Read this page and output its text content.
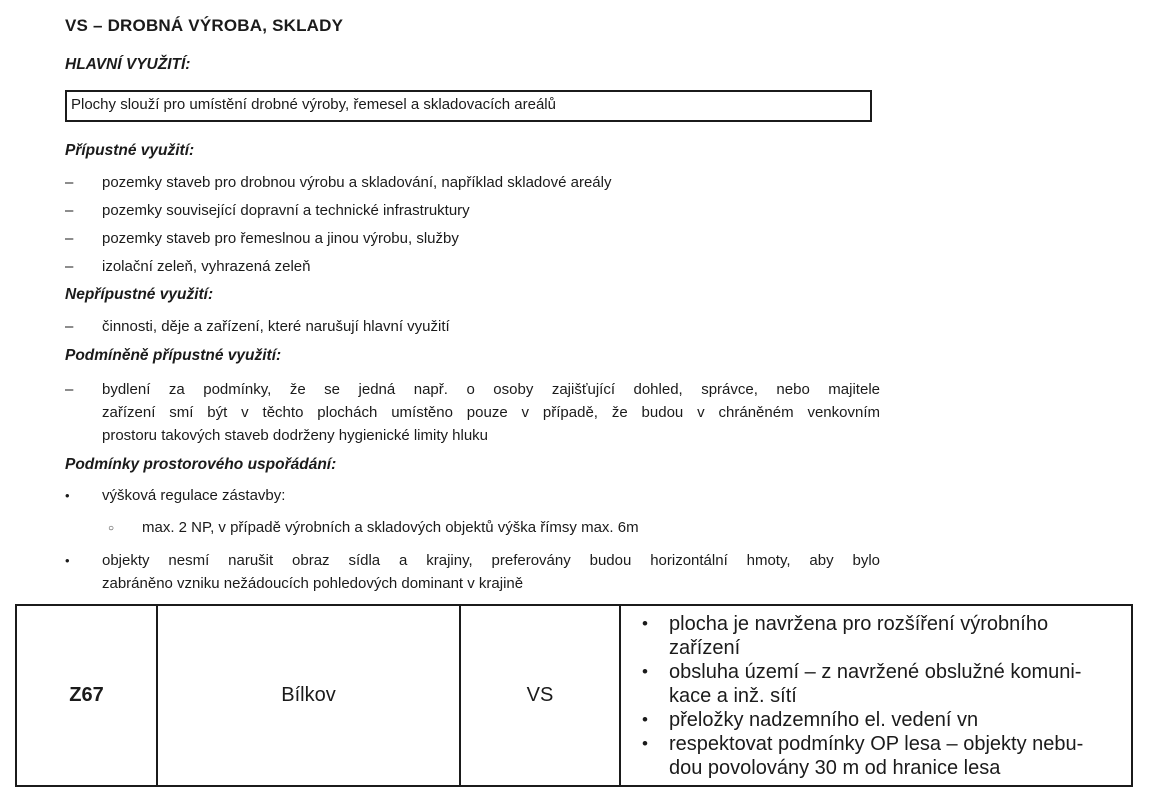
VS – DROBNÁ VÝROBA, SKLADY
HLAVNÍ VYUŽITÍ:
Plochy slouží pro umístění drobné výroby, řemesel a skladovacích areálů
Přípustné využití:
–	pozemky staveb pro drobnou výrobu a skladování, například skladové areály
–	pozemky související dopravní a technické infrastruktury
–	pozemky staveb pro řemeslnou a jinou výrobu, služby
–	izolační zeleň, vyhrazená zeleň
Nepřípustné využití:
–	činnosti, děje a zařízení, které narušují hlavní využití
Podmíněně přípustné využití:
–	bydlení za podmínky, že se jedná např. o osoby zajišťující dohled, správce, nebo majitele
zařízení smí být v těchto plochách umístěno pouze v případě, že budou v chráněném venkovním
prostoru takových staveb dodrženy hygienické limity hluku
Podmínky prostorového uspořádání:
•	výšková regulace zástavby:
○	max. 2 NP, v případě výrobních a skladových objektů výška římsy max. 6m
•	objekty nesmí narušit obraz sídla a krajiny, preferovány budou horizontální hmoty, aby bylo
zabráněno vzniku nežádoucích pohledových dominant v krajině
Z67	Bílkov	VS	
•	plocha je navržena pro rozšíření výrobního
zařízení
•	obsluha území – z navržené obslužné komuni-
kace a inž. sítí
•	přeložky nadzemního el. vedení vn
•	respektovat podmínky OP lesa – objekty nebu-
dou povolovány 30 m od hranice lesa
